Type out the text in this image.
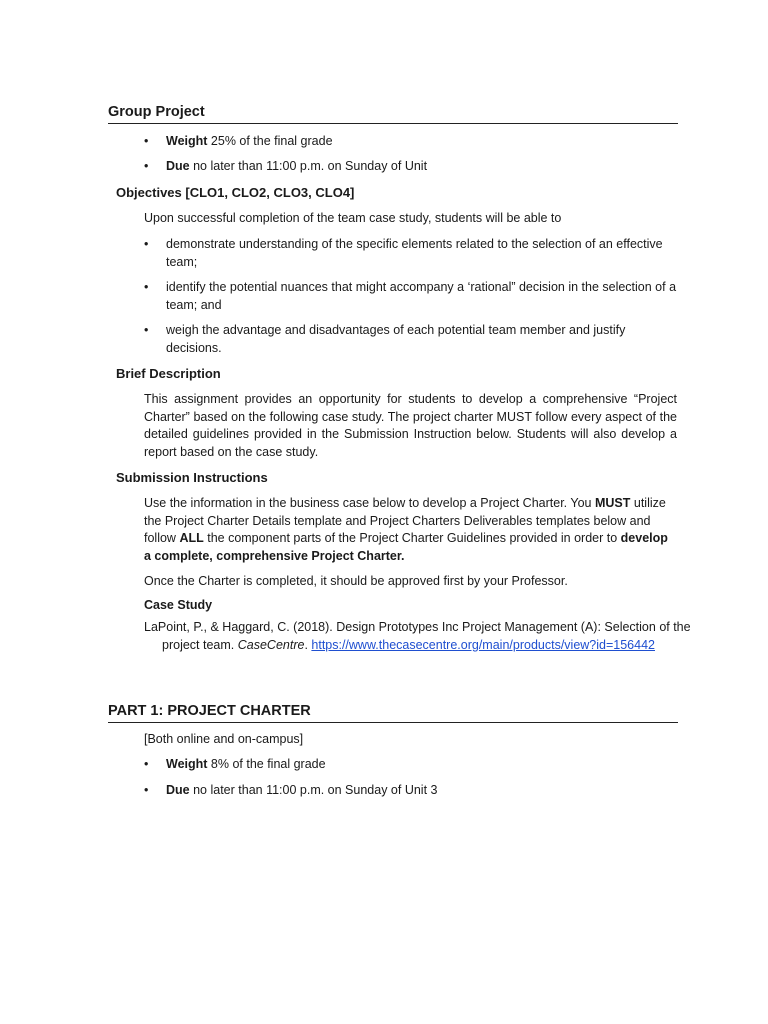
Group Project
• Weight 25% of the final grade
• Due no later than 11:00 p.m. on Sunday of Unit
Objectives [CLO1, CLO2, CLO3, CLO4]
Upon successful completion of the team case study, students will be able to
• demonstrate understanding of the specific elements related to the selection of an effective team;
• identify the potential nuances that might accompany a ‘rational” decision in the selection of a team; and
• weigh the advantage and disadvantages of each potential team member and justify decisions.
Brief Description
This assignment provides an opportunity for students to develop a comprehensive “Project Charter” based on the following case study. The project charter MUST follow every aspect of the detailed guidelines provided in the Submission Instruction below. Students will also develop a report based on the case study.
Submission Instructions
Use the information in the business case below to develop a Project Charter. You MUST utilize the Project Charter Details template and Project Charters Deliverables templates below and follow ALL the component parts of the Project Charter Guidelines provided in order to develop a complete, comprehensive Project Charter.
Once the Charter is completed, it should be approved first by your Professor.
Case Study
LaPoint, P., & Haggard, C. (2018). Design Prototypes Inc Project Management (A): Selection of the project team. CaseCentre. https://www.thecasecentre.org/main/products/view?id=156442
PART 1: PROJECT CHARTER
[Both online and on-campus]
• Weight 8% of the final grade
• Due no later than 11:00 p.m. on Sunday of Unit 3
